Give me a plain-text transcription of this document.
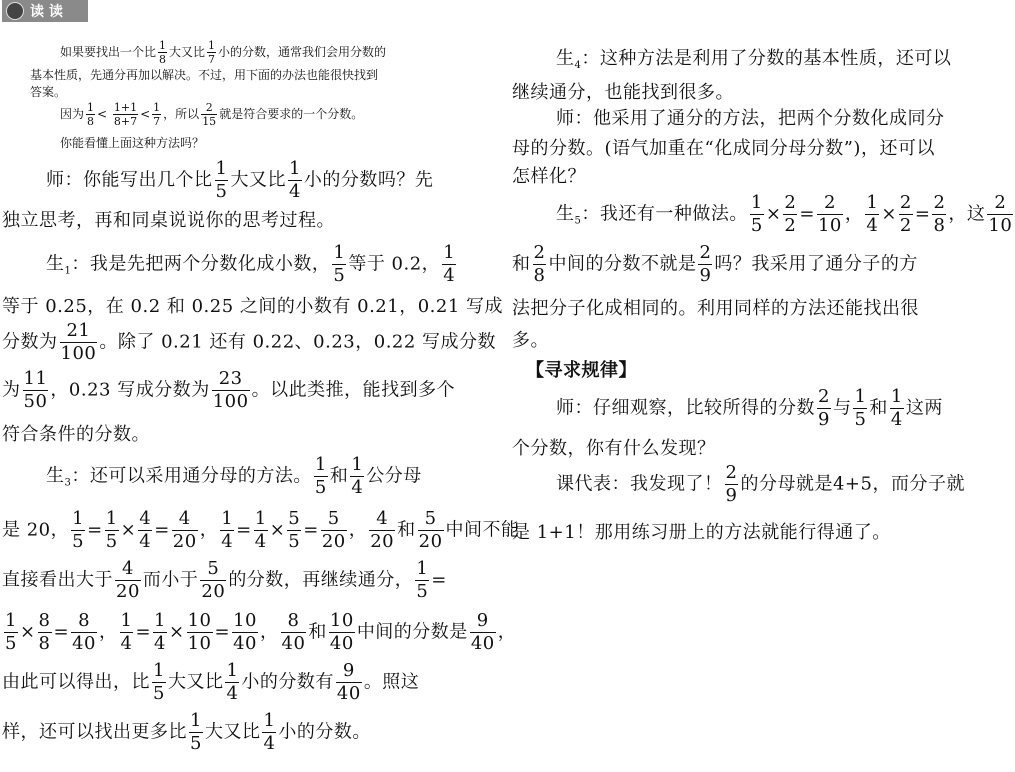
读 读
如果要找出一个比 $\frac{1}{8}$ 大又比 $\frac{1}{7}$ 小的分数，通常我们会用分数的
基本性质，先通分再加以解决。不过，用下面的办法也能很快找到
答案。
因为 $\frac{1}{8} < \frac{1+1}{8+7} < \frac{1}{7}$ ，所以 $\frac{2}{15}$ 就是符合要求的一个分数。
你能看懂上面这种方法吗？
师：你能写出几个比 $\frac{1}{5}$ 大又比 $\frac{1}{4}$ 小的分数吗？先
独立思考，再和同桌说说你的思考过程。
生$_1$：我是先把两个分数化成小数， $\frac{1}{5}$ 等于 0.2， $\frac{1}{4}$
等于 0.25，在 0.2 和 0.25 之间的小数有 0.21，0.21 写成
分数为 $\frac{21}{100}$ 。除了 0.21 还有 0.22、0.23，0.22 写成分数
为 $\frac{11}{50}$ ，0.23 写成分数为 $\frac{23}{100}$ 。以此类推，能找到多个
符合条件的分数。
生$_3$：还可以采用通分母的方法。 $\frac{1}{5}$ 和 $\frac{1}{4}$ 公分母
是 20， $\frac{1}{5} = \frac{1}{5} \times \frac{4}{4} = \frac{4}{20}$ ， $\frac{1}{4} = \frac{1}{4} \times \frac{5}{5} = \frac{5}{20}$ ， $\frac{4}{20}$ 和 $\frac{5}{20}$ 中间不能
直接看出大于 $\frac{4}{20}$ 而小于 $\frac{5}{20}$ 的分数，再继续通分， $\frac{1}{5}$ =
$\frac{1}{5} \times \frac{8}{8} = \frac{8}{40}$ ， $\frac{1}{4} = \frac{1}{4} \times \frac{10}{10} = \frac{10}{40}$ ， $\frac{8}{40}$ 和 $\frac{10}{40}$ 中间的分数是 $\frac{9}{40}$ ，
由此可以得出，比 $\frac{1}{5}$ 大又比 $\frac{1}{4}$ 小的分数有 $\frac{9}{40}$ 。照这
样，还可以找出更多比 $\frac{1}{5}$ 大又比 $\frac{1}{4}$ 小的分数。
生$_4$：这种方法是利用了分数的基本性质，还可以
继续通分，也能找到很多。
师：他采用了通分的方法，把两个分数化成同分
母的分数。(语气加重在“化成同分母分数”)，还可以
怎样化？
生$_5$：我还有一种做法。 $\frac{1}{5} \times \frac{2}{2} = \frac{2}{10}$ ， $\frac{1}{4} \times \frac{2}{2} = \frac{2}{8}$ ，这 $\frac{2}{10}$
和 $\frac{2}{8}$ 中间的分数不就是 $\frac{2}{9}$ 吗？我采用了通分子的方
法把分子化成相同的。利用同样的方法还能找出很
多。
【寻求规律】
师：仔细观察，比较所得的分数 $\frac{2}{9}$ 与 $\frac{1}{5}$ 和 $\frac{1}{4}$ 这两
个分数，你有什么发现？
课代表：我发现了！ $\frac{2}{9}$ 的分母就是4+5，而分子就
是 1+1！那用练习册上的方法就能行得通了。
